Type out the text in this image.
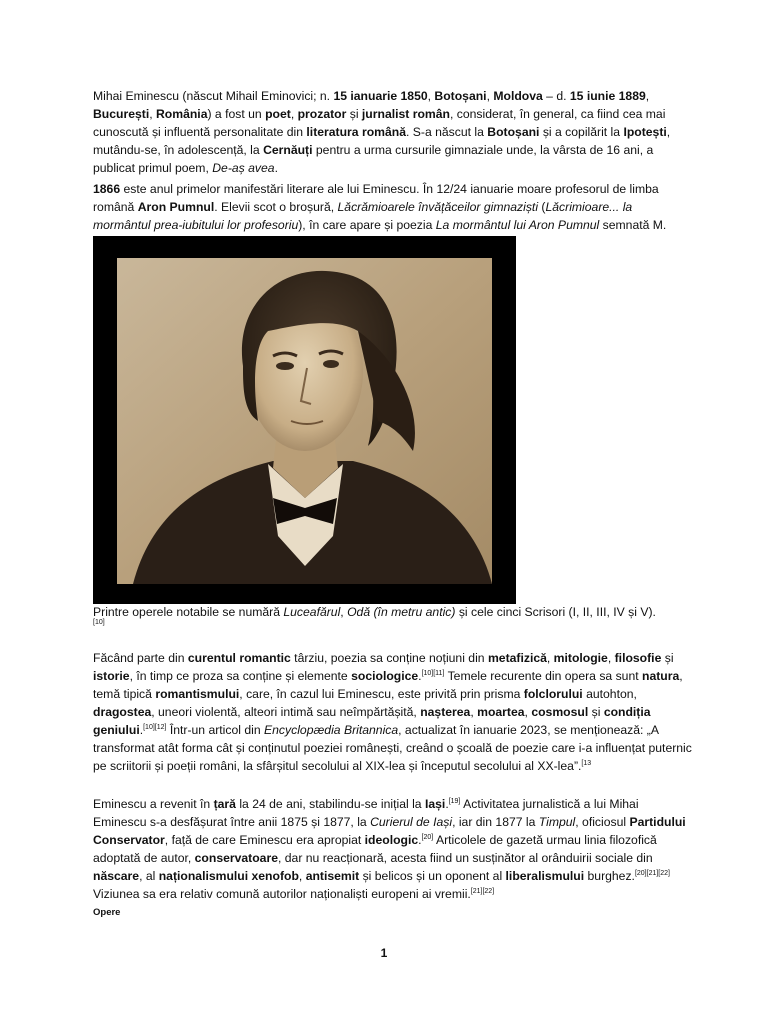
Mihai Eminescu (născut Mihail Eminovici; n. 15 ianuarie 1850, Botoșani, Moldova – d. 15 iunie 1889, București, România) a fost un poet, prozator și jurnalist român, considerat, în general, ca fiind cea mai cunoscută și influentă personalitate din literatura română. S-a născut la Botoșani și a copilărit la Ipotești, mutându-se, în adolescență, la Cernăuți pentru a urma cursurile gimnaziale unde, la vârsta de 16 ani, a publicat primul poem, De-aș avea.

1866 este anul primelor manifestări literare ale lui Eminescu. În 12/24 ianuarie moare profesorul de limba română Aron Pumnul. Elevii scot o broșură, Lăcrămioarele învățăceilor gimnaziști (Lăcrimioare... la mormântul prea-iubitului lor profesoriu), în care apare și poezia La mormântul lui Aron Pumnul semnată M.

Printre operele notabile se numără Luceafărul, Odă (în metru antic) și cele cinci Scrisori (I, II, III, IV și V).
[10]

Făcând parte din curentul romantic târziu, poezia sa conține noțiuni din metafizică, mitologie, filosofie și istorie, în timp ce proza sa conține și elemente sociologice.[10][11] Temele recurente din opera sa sunt natura, temă tipică romantismului, care, în cazul lui Eminescu, este privită prin prisma folclorului autohton, dragostea, uneori violentă, alteori intimă sau neîmpărtășită, nașterea, moartea, cosmosul și condiția geniului.[10][12] Într-un articol din Encyclopædia Britannica, actualizat în ianuarie 2023, se menționează: „A transformat atât forma cât și conținutul poeziei românești, creând o școală de poezie care i-a influențat puternic pe scriitorii și poeții români, la sfârșitul secolului al XIX-lea și începutul secolului al XX-lea”.$^{[13}$

Eminescu a revenit în țară la 24 de ani, stabilindu-se inițial la Iași.[19] Activitatea jurnalistică a lui Mihai Eminescu s-a desfășurat între anii 1875 și 1877, la Curierul de Iași, iar din 1877 la Timpul, oficiosul Partidului Conservator, față de care Eminescu era apropiat ideologic.[20] Articolele de gazetă urmau linia filozofică adoptată de autor, conservatoare, dar nu reacționară, acesta fiind un susținător al orânduirii sociale din născare, al naționalismului xenofob, antisemit și belicos și un oponent al liberalismului burghez.[20][21][22] Viziunea sa era relativ comună autorilor naționaliști europeni ai vremii.[21][22]

Opere

1
